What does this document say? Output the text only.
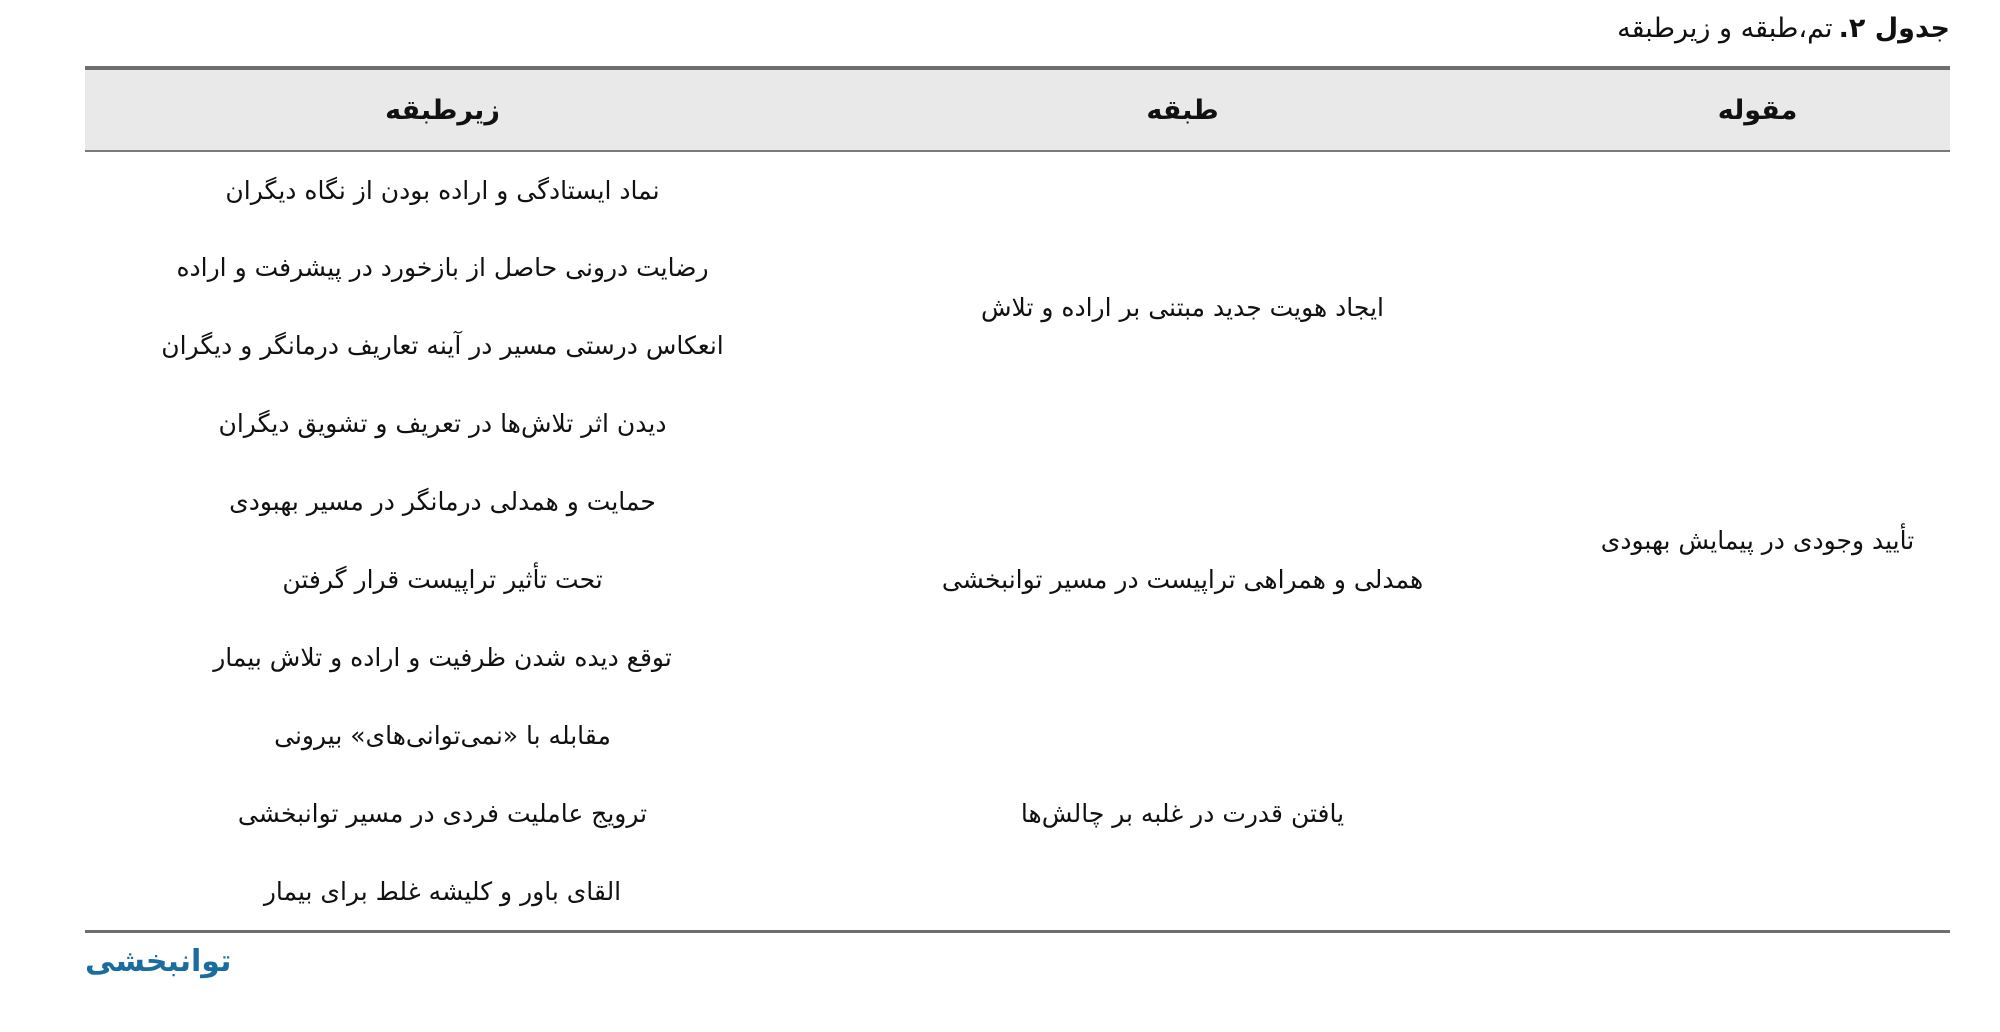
جدول ۲.تم،طبقه و زیرطبقه
مقوله	طبقه	زیرطبقه
تأیید وجودی در پیمایش بهبودی	ایجاد هویت جدید مبتنی بر اراده و تلاش	نماد ایستادگی و اراده بودن از نگاه دیگران
		رضایت درونی حاصل از بازخورد در پیشرفت و اراده
		انعکاس درستی مسیر در آینه تعاریف درمانگر و دیگران
		دیدن اثر تلاش‌ها در تعریف و تشویق دیگران
	همدلی و همراهی تراپیست در مسیر توانبخشی	حمایت و همدلی درمانگر در مسیر بهبودی
		تحت تأثیر تراپیست قرار گرفتن
		توقع دیده شدن ظرفیت و اراده و تلاش بیمار
	یافتن قدرت در غلبه بر چالش‌ها	مقابله با «نمی‌توانی‌های» بیرونی
		ترویج عاملیت فردی در مسیر توانبخشی
		القای باور و کلیشه غلط برای بیمار
توانبخشی
